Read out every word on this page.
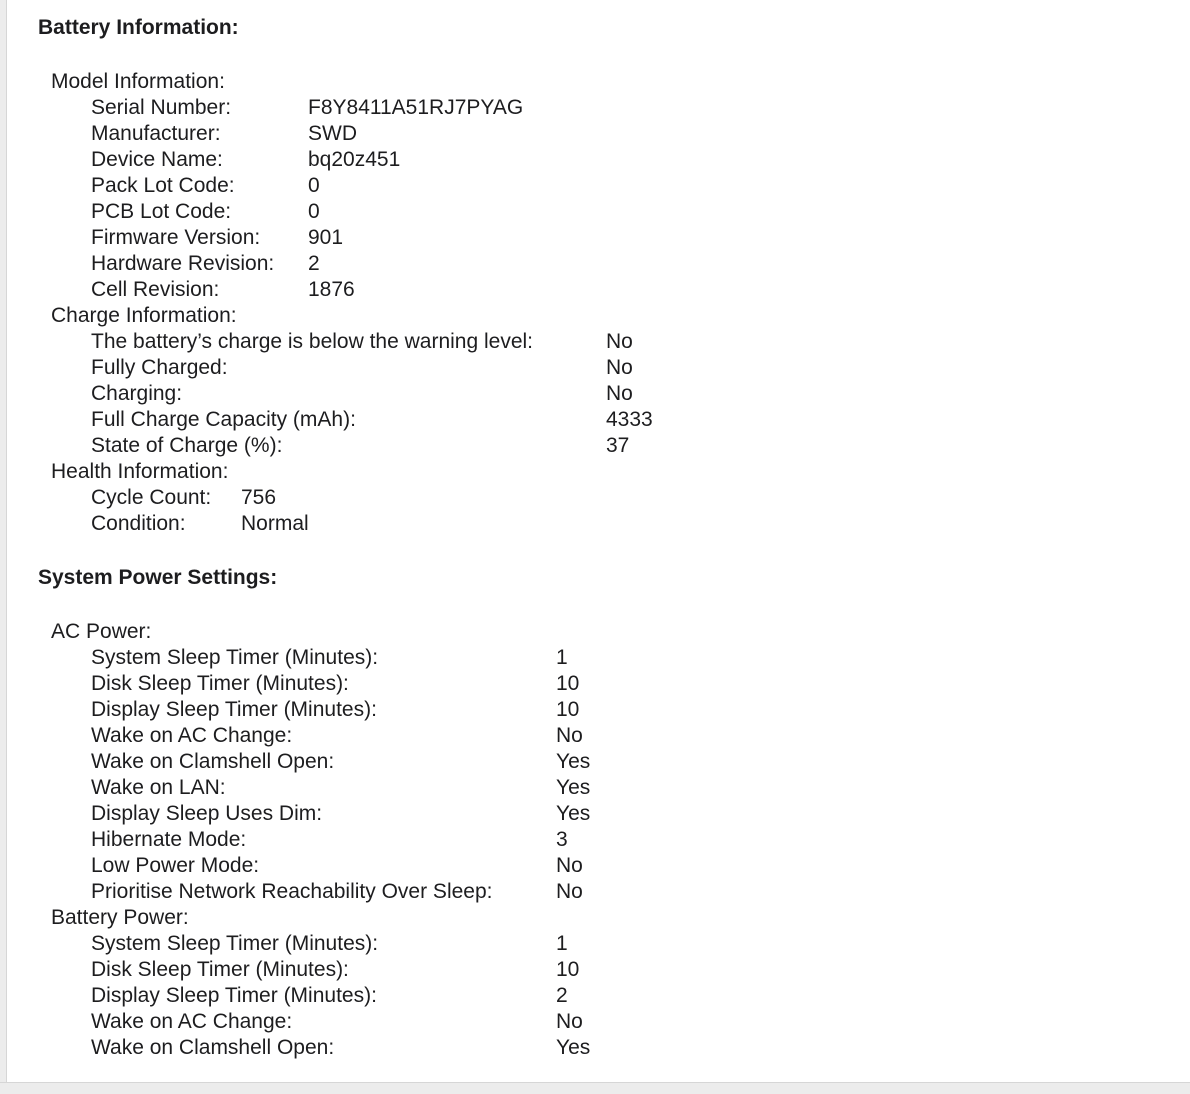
Battery Information:
Model Information:
Serial Number:	F8Y8411A51RJ7PYAG
Manufacturer:	SWD
Device Name:	bq20z451
Pack Lot Code:	0
PCB Lot Code:	0
Firmware Version: 901
Hardware Revision: 2
Cell Revision:	1876
Charge Information:
The battery’s charge is below the warning level:	No
Fully Charged:	No
Charging:	No
Full Charge Capacity (mAh):	4333
State of Charge (%):	37
Health Information:
Cycle Count: 756
Condition:	Normal
System Power Settings:
AC Power:
System Sleep Timer (Minutes):	1
Disk Sleep Timer (Minutes):	10
Display Sleep Timer (Minutes):	10
Wake on AC Change:	No
Wake on Clamshell Open:	Yes
Wake on LAN:	Yes
Display Sleep Uses Dim:	Yes
Hibernate Mode:	3
Low Power Mode:	No
Prioritise Network Reachability Over Sleep:	No
Battery Power:
System Sleep Timer (Minutes):	1
Disk Sleep Timer (Minutes):	10
Display Sleep Timer (Minutes):	2
Wake on AC Change:	No
Wake on Clamshell Open:	Yes
